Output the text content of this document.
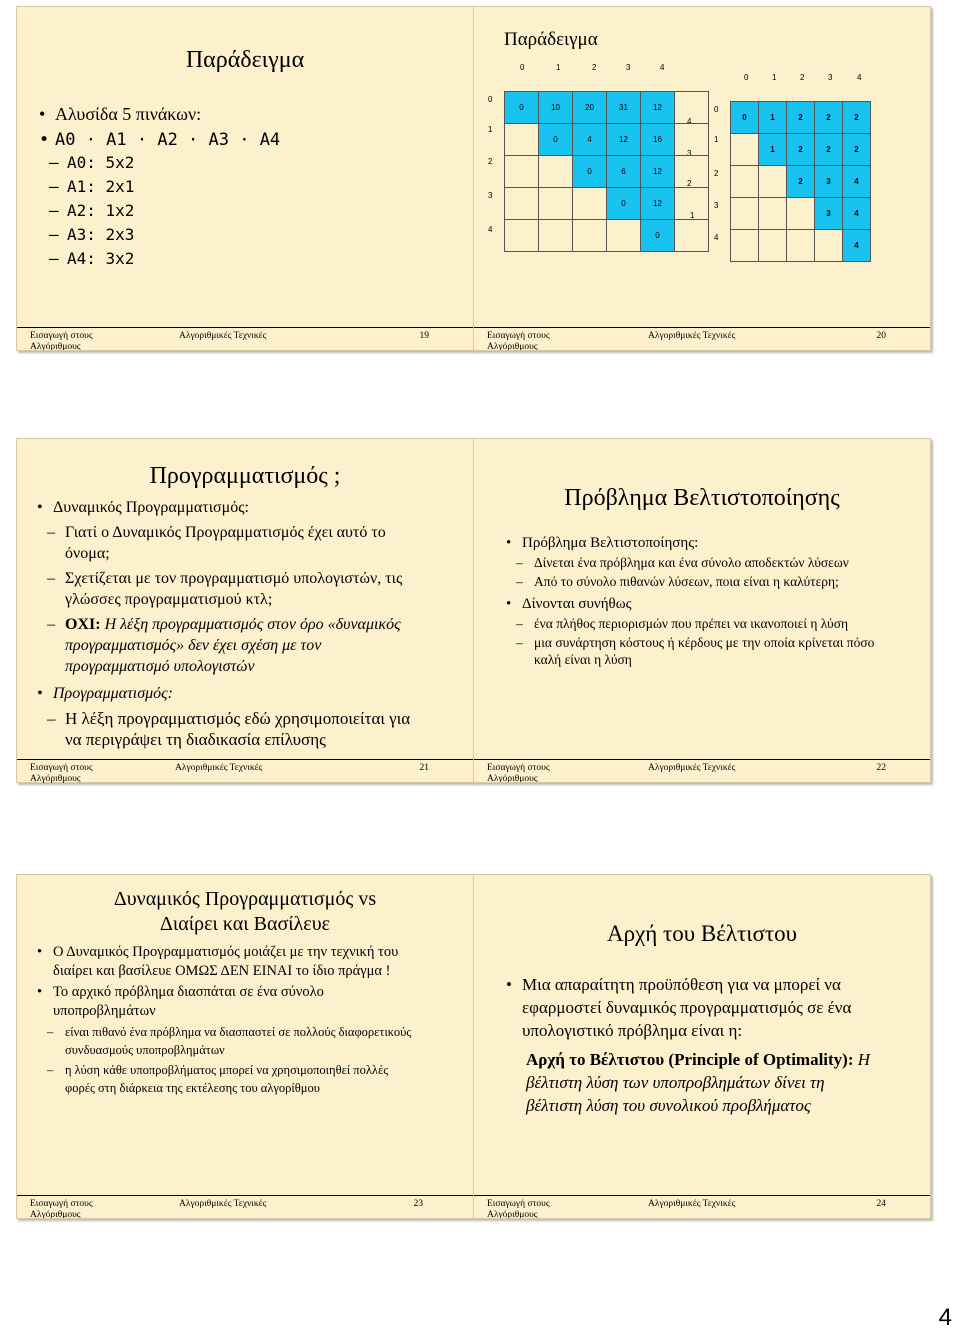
Παράδειγμα
• Αλυσίδα 5 πινάκων:
• A0 · A1 · A2 · A3 · A4
– A0: 5x2
– A1: 2x1
– A2: 1x2
– A3: 2x3
– A4: 3x2
Εισαγωγή στους Αλγόριθμους
Αλγοριθμικές Τεχνικές	19
Παράδειγμα
0	1	2	3	4
0
1
2
3
4
4
3
2
1
0	10	20	31	12	
	0	4	12	16	
		0	6	12	
			0	12	
				0	
0	1	2	3	4
0
1
2
3
4
0	1	2	2	2
	1	2	2	2
		2	3	4
			3	4
				4
Εισαγωγή στους Αλγόριθμους
Αλγοριθμικές Τεχνικές	20
Προγραμματισμός ;
• Δυναμικός Προγραμματισμός:
– Γιατί ο Δυναμικός Προγραμματισμός έχει αυτό το όνομα;
– Σχετίζεται με τον προγραμματισμό υπολογιστών, τις γλώσσες προγραμματισμού κτλ;
– ΟΧΙ: Η λέξη προγραμματισμός στον όρο «δυναμικός προγραμματισμός» δεν έχει σχέση με τον προγραμματισμό υπολογιστών
• Προγραμματισμός:
– Η λέξη προγραμματισμός εδώ χρησιμοποιείται για να περιγράψει τη διαδικασία επίλυσης
Εισαγωγή στους Αλγόριθμους
Αλγοριθμικές Τεχνικές	21
Πρόβλημα Βελτιστοποίησης
• Πρόβλημα Βελτιστοποίησης:
– Δίνεται ένα πρόβλημα και ένα σύνολο αποδεκτών λύσεων
– Από το σύνολο πιθανών λύσεων, ποια είναι η καλύτερη;
• Δίνονται συνήθως
– ένα πλήθος περιορισμών που πρέπει να ικανοποιεί η λύση
– μια συνάρτηση κόστους ή κέρδους με την οποία κρίνεται πόσο καλή είναι η λύση
Εισαγωγή στους Αλγόριθμους
Αλγοριθμικές Τεχνικές	22
Δυναμικός Προγραμματισμός vs
Διαίρει και Βασίλευε
• Ο Δυναμικός Προγραμματισμός μοιάζει με την τεχνική του διαίρει και βασίλευε ΟΜΩΣ ΔΕΝ ΕΙΝΑΙ το ίδιο πράγμα !
• Το αρχικό πρόβλημα διασπάται σε ένα σύνολο υποπροβλημάτων
– είναι πιθανό ένα πρόβλημα να διασπαστεί σε πολλούς διαφορετικούς συνδυασμούς υποπροβλημάτων
– η λύση κάθε υποπροβλήματος μπορεί να χρησιμοποιηθεί πολλές φορές στη διάρκεια της εκτέλεσης του αλγορίθμου
Εισαγωγή στους Αλγόριθμους
Αλγοριθμικές Τεχνικές	23
Αρχή του Βέλτιστου
• Μια απαραίτητη προϋπόθεση για να μπορεί να εφαρμοστεί δυναμικός προγραμματισμός σε ένα υπολογιστικό πρόβλημα είναι η:
Αρχή το Βέλτιστου (Principle of Optimality): Η βέλτιστη λύση των υποπροβλημάτων δίνει τη βέλτιστη λύση του συνολικού προβλήματος
Εισαγωγή στους Αλγόριθμους
Αλγοριθμικές Τεχνικές	24
4
